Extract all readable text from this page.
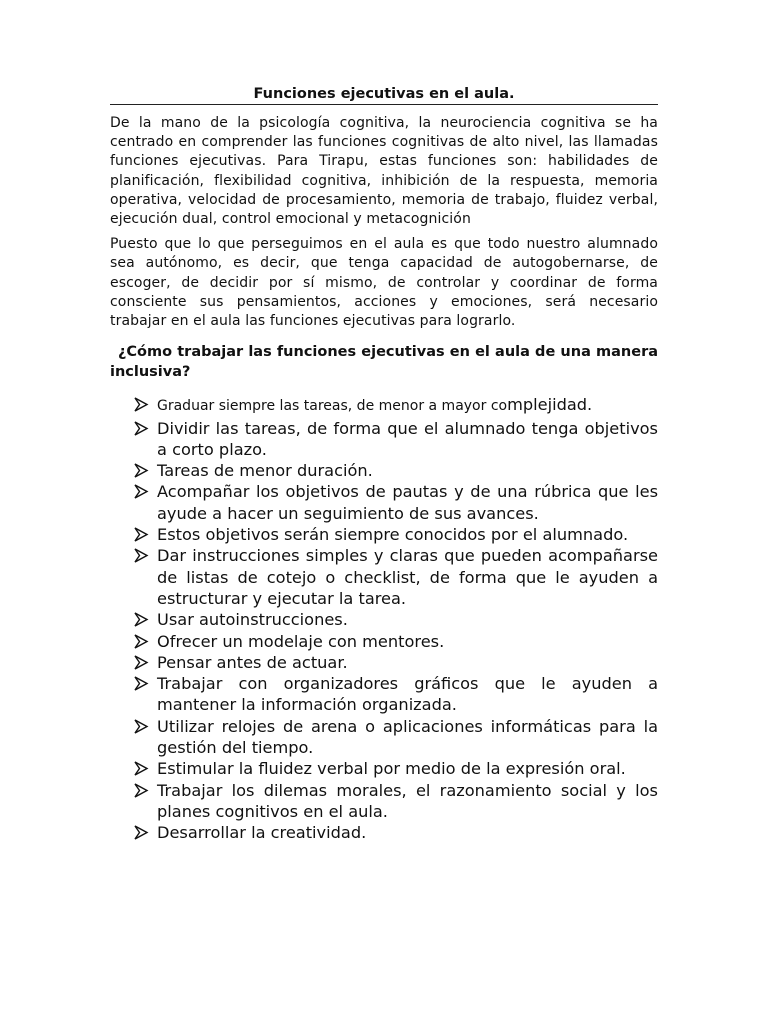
Funciones ejecutivas en el aula.

De la mano de la psicología cognitiva, la neurociencia cognitiva se ha centrado en comprender las funciones cognitivas de alto nivel, las llamadas funciones ejecutivas. Para Tirapu, estas funciones son: habilidades de planificación, flexibilidad cognitiva, inhibición de la respuesta, memoria operativa, velocidad de procesamiento, memoria de trabajo, fluidez verbal, ejecución dual, control emocional y metacognición

Puesto que lo que perseguimos en el aula es que todo nuestro alumnado sea autónomo, es decir, que tenga capacidad de autogobernarse, de escoger, de decidir por sí mismo, de controlar y coordinar de forma consciente sus pensamientos, acciones y emociones, será necesario trabajar en el aula las funciones ejecutivas para lograrlo.

¿Cómo trabajar las funciones ejecutivas en el aula de una manera inclusiva?
Graduar siempre las tareas, de menor a mayor complejidad.
Dividir las tareas, de forma que el alumnado tenga objetivos a corto plazo.
Tareas de menor duración.
Acompañar los objetivos de pautas y de una rúbrica que les ayude a hacer un seguimiento de sus avances.
Estos objetivos serán siempre conocidos por el alumnado.
Dar instrucciones simples y claras que pueden acompañarse de listas de cotejo o checklist, de forma que le ayuden a estructurar y ejecutar la tarea.
Usar autoinstrucciones.
Ofrecer un modelaje con mentores.
Pensar antes de actuar.
Trabajar con organizadores gráficos que le ayuden a mantener la información organizada.
Utilizar relojes de arena o aplicaciones informáticas para la gestión del tiempo.
Estimular la fluidez verbal por medio de la expresión oral.
Trabajar los dilemas morales, el razonamiento social y los planes cognitivos en el aula.
Desarrollar la creatividad.
